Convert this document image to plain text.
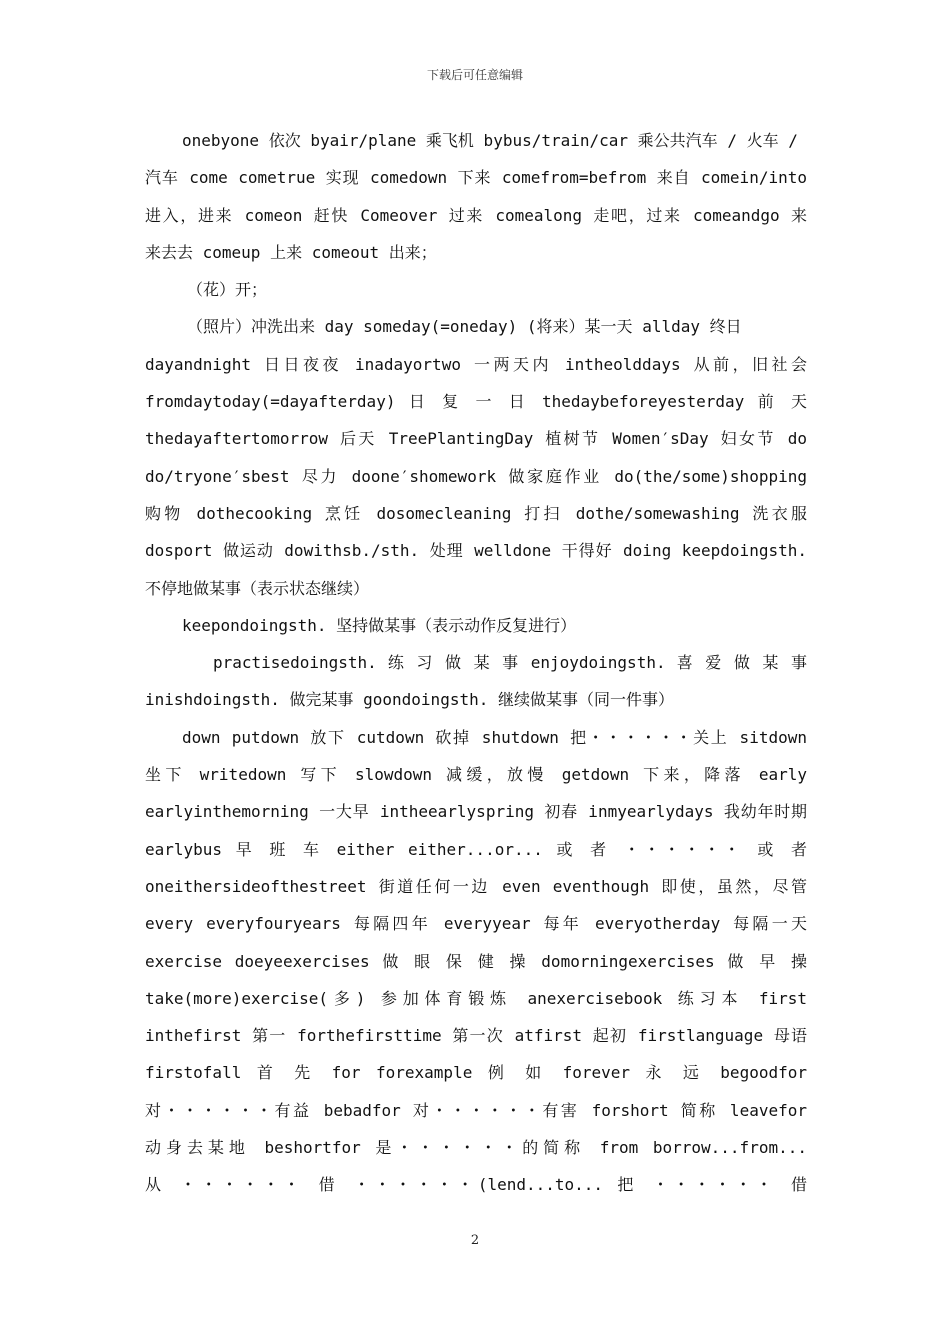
下载后可任意编辑
onebyone 依次 byair/plane 乘飞机 bybus/train/car 乘公共汽车 / 火车 /
汽车 come cometrue 实现 comedown 下来 comefrom=befrom 来自 comein/into
进入，进来 comeon 赶快 Comeover 过来 comealong 走吧，过来 comeandgo 来
来去去 comeup 上来 comeout 出来；
（花）开；
（照片）冲洗出来 day someday(=oneday) (将来）某一天 allday 终日
dayandnight 日日夜夜 inadayortwo 一两天内 intheolddays 从前，旧社会
fromdaytoday(=dayafterday) 日 复 一 日 thedaybeforeyesterday 前 天
thedayaftertomorrow 后天 TreePlantingDay 植树节 Women′sDay 妇女节 do
do/tryone′sbest 尽力 doone′shomework 做家庭作业 do(the/some)shopping
购物 dothecooking 烹饪 dosomecleaning 打扫 dothe/somewashing 洗衣服
dosport 做运动 dowithsb./sth. 处理 welldone 干得好 doing keepdoingsth.
不停地做某事（表示状态继续）
keepondoingsth. 坚持做某事（表示动作反复进行）
practisedoingsth. 练 习 做 某 事 enjoydoingsth. 喜 爱 做 某 事
inishdoingsth. 做完某事 goondoingsth. 继续做某事（同一件事）
down putdown 放下 cutdown 砍掉 shutdown 把・・・・・・关上 sitdown
坐下 writedown 写下 slowdown 减缓，放慢 getdown 下来，降落 early
earlyinthemorning 一大早 intheearlyspring 初春 inmyearlydays 我幼年时期
earlybus 早 班 车 either either...or... 或 者 ・・・・・・ 或 者
oneithersideofthestreet 街道任何一边 even eventhough 即使，虽然，尽管
every everyfouryears 每隔四年 everyyear 每年 everyotherday 每隔一天
exercise doeyeexercises 做 眼 保 健 操 domorningexercises 做 早 操
take(more)exercise(多) 参加体育锻炼 anexercisebook 练习本 first
inthefirst 第一 forthefirsttime 第一次 atfirst 起初 firstlanguage 母语
firstofall 首 先 for forexample 例 如 forever 永 远 begoodfor
对・・・・・・有益 bebadfor 对・・・・・・有害 forshort 简称 leavefor
动身去某地 beshortfor 是・・・・・・的简称 from borrow...from...
从 ・・・・・・ 借 ・・・・・・(lend...to... 把 ・・・・・・ 借
2
